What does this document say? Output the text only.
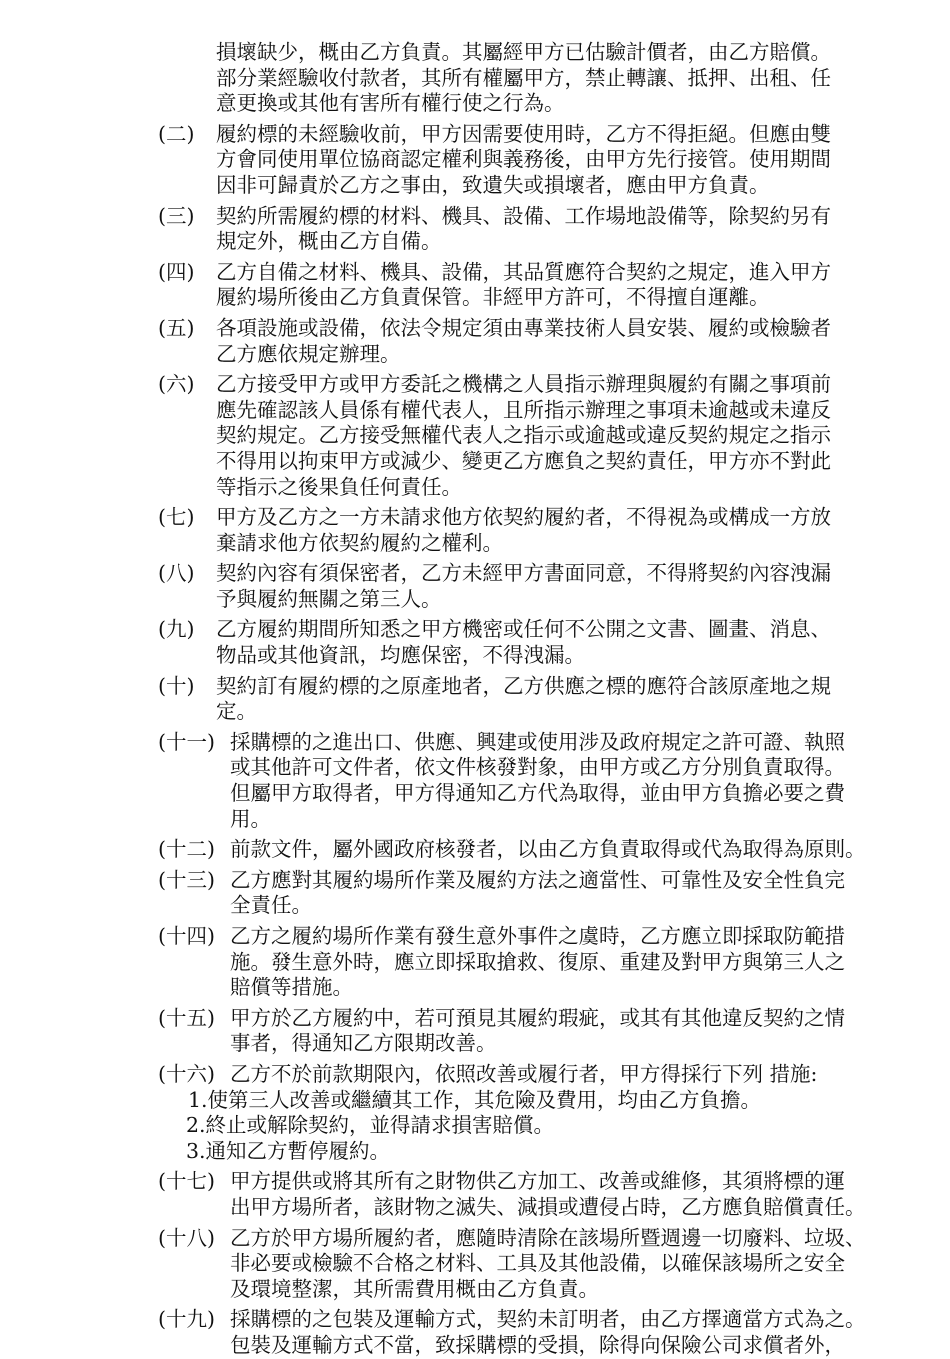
損壞缺少，概由乙方負責。其屬經甲方已估驗計價者，由乙方賠償。
部分業經驗收付款者，其所有權屬甲方，禁止轉讓、抵押、出租、任
意更換或其他有害所有權行使之行為。
(二) 履約標的未經驗收前，甲方因需要使用時，乙方不得拒絕。但應由雙
方會同使用單位協商認定權利與義務後，由甲方先行接管。使用期間
因非可歸責於乙方之事由，致遺失或損壞者，應由甲方負責。
(三) 契約所需履約標的材料、機具、設備、工作場地設備等，除契約另有
規定外，概由乙方自備。
(四) 乙方自備之材料、機具、設備，其品質應符合契約之規定，進入甲方
履約場所後由乙方負責保管。非經甲方許可，不得擅自運離。
(五) 各項設施或設備，依法令規定須由專業技術人員安裝、履約或檢驗者
乙方應依規定辦理。
(六) 乙方接受甲方或甲方委託之機構之人員指示辦理與履約有關之事項前
應先確認該人員係有權代表人，且所指示辦理之事項未逾越或未違反
契約規定。乙方接受無權代表人之指示或逾越或違反契約規定之指示
不得用以拘束甲方或減少、變更乙方應負之契約責任，甲方亦不對此
等指示之後果負任何責任。
(七) 甲方及乙方之一方未請求他方依契約履約者，不得視為或構成一方放
棄請求他方依契約履約之權利。
(八) 契約內容有須保密者，乙方未經甲方書面同意，不得將契約內容洩漏
予與履約無關之第三人。
(九) 乙方履約期間所知悉之甲方機密或任何不公開之文書、圖畫、消息、
物品或其他資訊，均應保密，不得洩漏。
(十) 契約訂有履約標的之原產地者，乙方供應之標的應符合該原產地之規
定。
(十一) 採購標的之進出口、供應、興建或使用涉及政府規定之許可證、執照
或其他許可文件者，依文件核發對象，由甲方或乙方分別負責取得。
但屬甲方取得者，甲方得通知乙方代為取得，並由甲方負擔必要之費
用。
(十二) 前款文件，屬外國政府核發者，以由乙方負責取得或代為取得為原則。
(十三) 乙方應對其履約場所作業及履約方法之適當性、可靠性及安全性負完
全責任。
(十四) 乙方之履約場所作業有發生意外事件之虞時，乙方應立即採取防範措
施。發生意外時，應立即採取搶救、復原、重建及對甲方與第三人之
賠償等措施。
(十五) 甲方於乙方履約中，若可預見其履約瑕疵，或其有其他違反契約之情
事者，得通知乙方限期改善。
(十六) 乙方不於前款期限內，依照改善或履行者，甲方得採行下列 措施:
1.使第三人改善或繼續其工作，其危險及費用，均由乙方負擔。
2.終止或解除契約，並得請求損害賠償。
3.通知乙方暫停履約。
(十七) 甲方提供或將其所有之財物供乙方加工、改善或維修，其須將標的運
出甲方場所者，該財物之滅失、減損或遭侵占時，乙方應負賠償責任。
(十八) 乙方於甲方場所履約者，應隨時清除在該場所暨週邊一切廢料、垃圾、
非必要或檢驗不合格之材料、工具及其他設備，以確保該場所之安全
及環境整潔，其所需費用概由乙方負責。
(十九) 採購標的之包裝及運輸方式，契約未訂明者，由乙方擇適當方式為之。
包裝及運輸方式不當，致採購標的受損，除得向保險公司求償者外，
